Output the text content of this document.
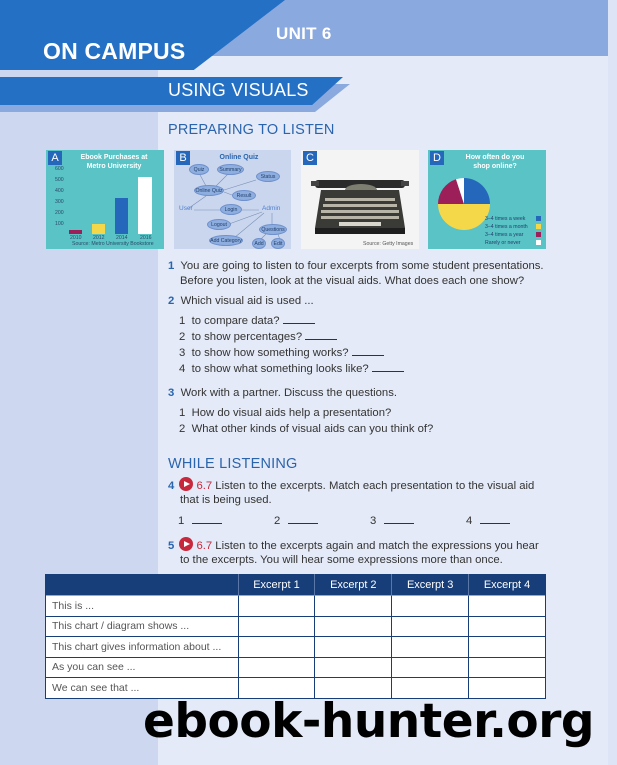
UNIT 6
ON CAMPUS
USING VISUALS
PREPARING TO LISTEN
A	Ebook Purchases at
Metro University
600
500
400
300
200
100
2010 2012 2014 2016
Source: Metro University Bookstore
B	Online Quiz
Quiz	Summary
Status
Online Quiz
Result
User	Login	Admin
Logout
Questions
Add Category	Add	Edit
C
Source: Getty Images
D	How often do you
shop online?
3–4 times a week
3–4 times a month
3–4 times a year
Rarely or never
1 You are going to listen to four excerpts from some student presentations.
Before you listen, look at the visual aids. What does each one show?
2 Which visual aid is used ...
1 to compare data?
2 to show percentages?
3 to show how something works?
4 to show what something looks like?
3 Work with a partner. Discuss the questions.
1 How do visual aids help a presentation?
2 What other kinds of visual aids can you think of?
WHILE LISTENING
4 6.7 Listen to the excerpts. Match each presentation to the visual aid
that is being used.
1	2	3	4
5 6.7 Listen to the excerpts again and match the expressions you hear
to the excerpts. You will hear some expressions more than once.
	Excerpt 1	Excerpt 2	Excerpt 3	Excerpt 4
This is ...				
This chart / diagram shows ...				
This chart gives information about ...				
As you can see ...				
We can see that ...				
ebook-hunter.org
